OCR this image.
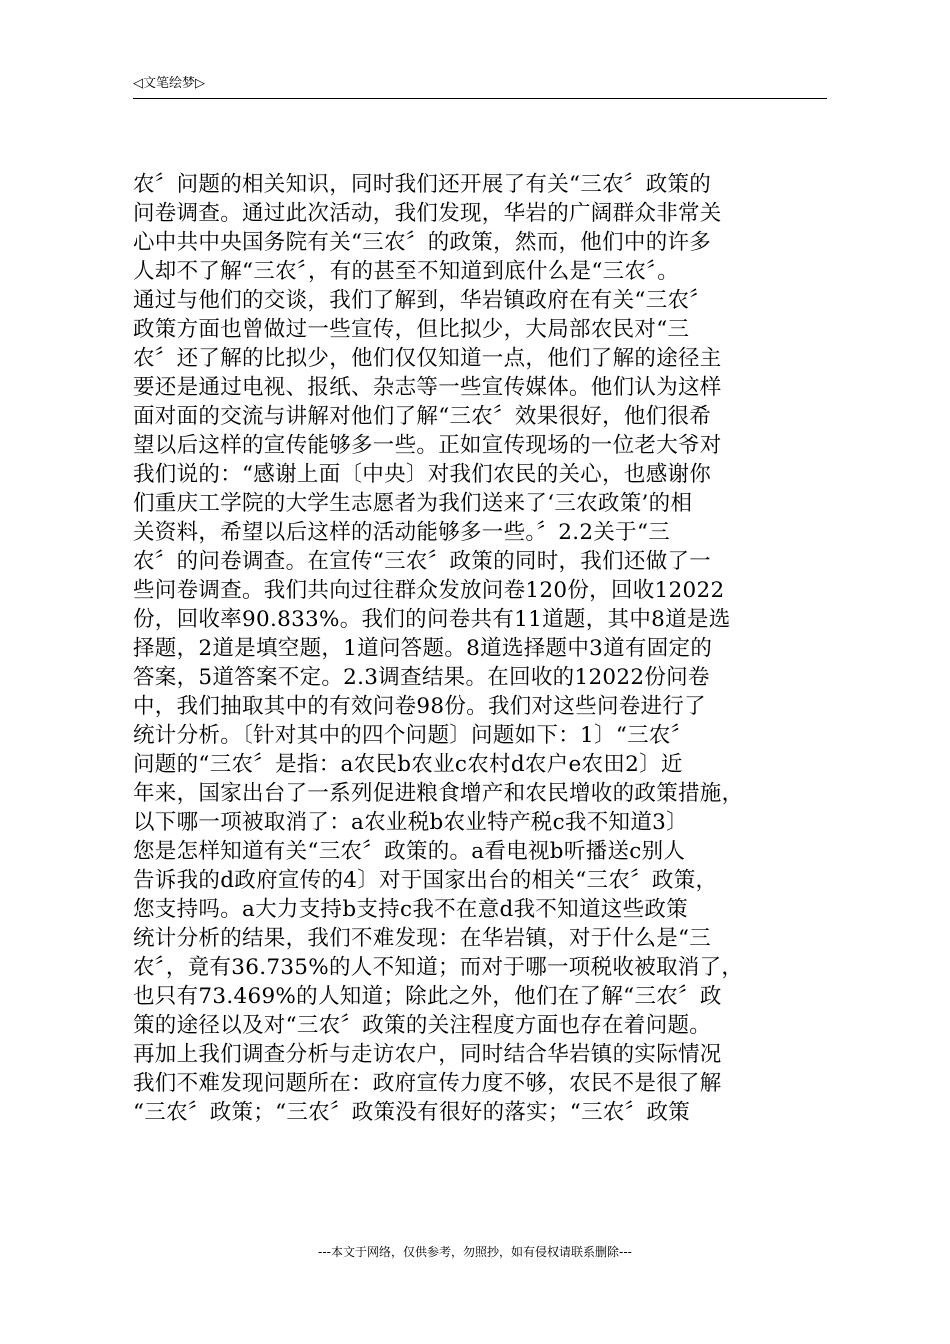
◁文笔绘梦▷
农〞问题的相关知识，同时我们还开展了有关“三农〞政策的
问卷调查。通过此次活动，我们发现，华岩的广阔群众非常关
心中共中央国务院有关“三农〞的政策，然而，他们中的许多
人却不了解“三农〞，有的甚至不知道到底什么是“三农〞。
通过与他们的交谈，我们了解到，华岩镇政府在有关“三农〞
政策方面也曾做过一些宣传，但比拟少，大局部农民对“三
农〞还了解的比拟少，他们仅仅知道一点，他们了解的途径主
要还是通过电视、报纸、杂志等一些宣传媒体。他们认为这样
面对面的交流与讲解对他们了解“三农〞效果很好，他们很希
望以后这样的宣传能够多一些。正如宣传现场的一位老大爷对
我们说的：“感谢上面〔中央〕对我们农民的关心，也感谢你
们重庆工学院的大学生志愿者为我们送来了‘三农政策’的相
关资料，希望以后这样的活动能够多一些。〞2.2关于“三
农〞的问卷调查。在宣传“三农〞政策的同时，我们还做了一
些问卷调查。我们共向过往群众发放问卷120份，回收12022
份，回收率90.833%。我们的问卷共有11道题，其中8道是选
择题，2道是填空题，1道问答题。8道选择题中3道有固定的
答案，5道答案不定。2.3调查结果。在回收的12022份问卷
中，我们抽取其中的有效问卷98份。我们对这些问卷进行了
统计分析。〔针对其中的四个问题〕问题如下：1〕“三农〞
问题的“三农〞是指：a农民b农业c农村d农户e农田2〕近
年来，国家出台了一系列促进粮食增产和农民增收的政策措施，
以下哪一项被取消了：a农业税b农业特产税c我不知道3〕
您是怎样知道有关“三农〞政策的。a看电视b听播送c别人
告诉我的d政府宣传的4〕对于国家出台的相关“三农〞政策，
您支持吗。a大力支持b支持c我不在意d我不知道这些政策
统计分析的结果，我们不难发现：在华岩镇，对于什么是“三
农〞，竟有36.735%的人不知道；而对于哪一项税收被取消了，
也只有73.469%的人知道；除此之外，他们在了解“三农〞政
策的途径以及对“三农〞政策的关注程度方面也存在着问题。
再加上我们调查分析与走访农户，同时结合华岩镇的实际情况
我们不难发现问题所在：政府宣传力度不够，农民不是很了解
“三农〞政策；“三农〞政策没有很好的落实；“三农〞政策
---本文于网络，仅供参考，勿照抄，如有侵权请联系删除---
